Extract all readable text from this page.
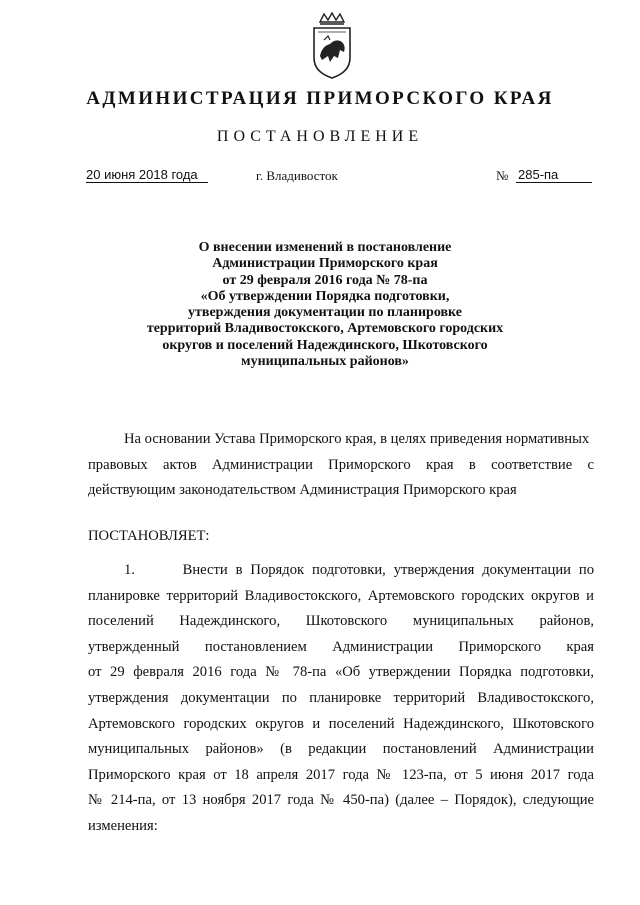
АДМИНИСТРАЦИЯ ПРИМОРСКОГО КРАЯ
ПОСТАНОВЛЕНИЕ
20 июня 2018 года	г. Владивосток	№ 285-па
О внесении изменений в постановление
Администрации Приморского края
от 29 февраля 2016 года № 78-па
«Об утверждении Порядка подготовки,
утверждения документации по планировке
территорий Владивостокского, Артемовского городских
округов и поселений Надеждинского, Шкотовского
муниципальных районов»
На основании Устава Приморского края, в целях приведения нормативных
правовых актов Администрации Приморского края в соответствие с
действующим законодательством Администрация Приморского края
ПОСТАНОВЛЯЕТ:
1.      Внести в Порядок подготовки, утверждения документации по
планировке территорий Владивостокского, Артемовского городских округов и
поселений Надеждинского, Шкотовского муниципальных районов,
утвержденный постановлением Администрации Приморского края
от 29 февраля 2016 года № 78-па «Об утверждении Порядка подготовки,
утверждения документации по планировке территорий Владивостокского,
Артемовского городских округов и поселений Надеждинского, Шкотовского
муниципальных районов» (в редакции постановлений Администрации
Приморского края от 18 апреля 2017 года № 123-па, от 5 июня 2017 года
№ 214-па, от 13 ноября 2017 года № 450-па) (далее – Порядок), следующие
изменения:
